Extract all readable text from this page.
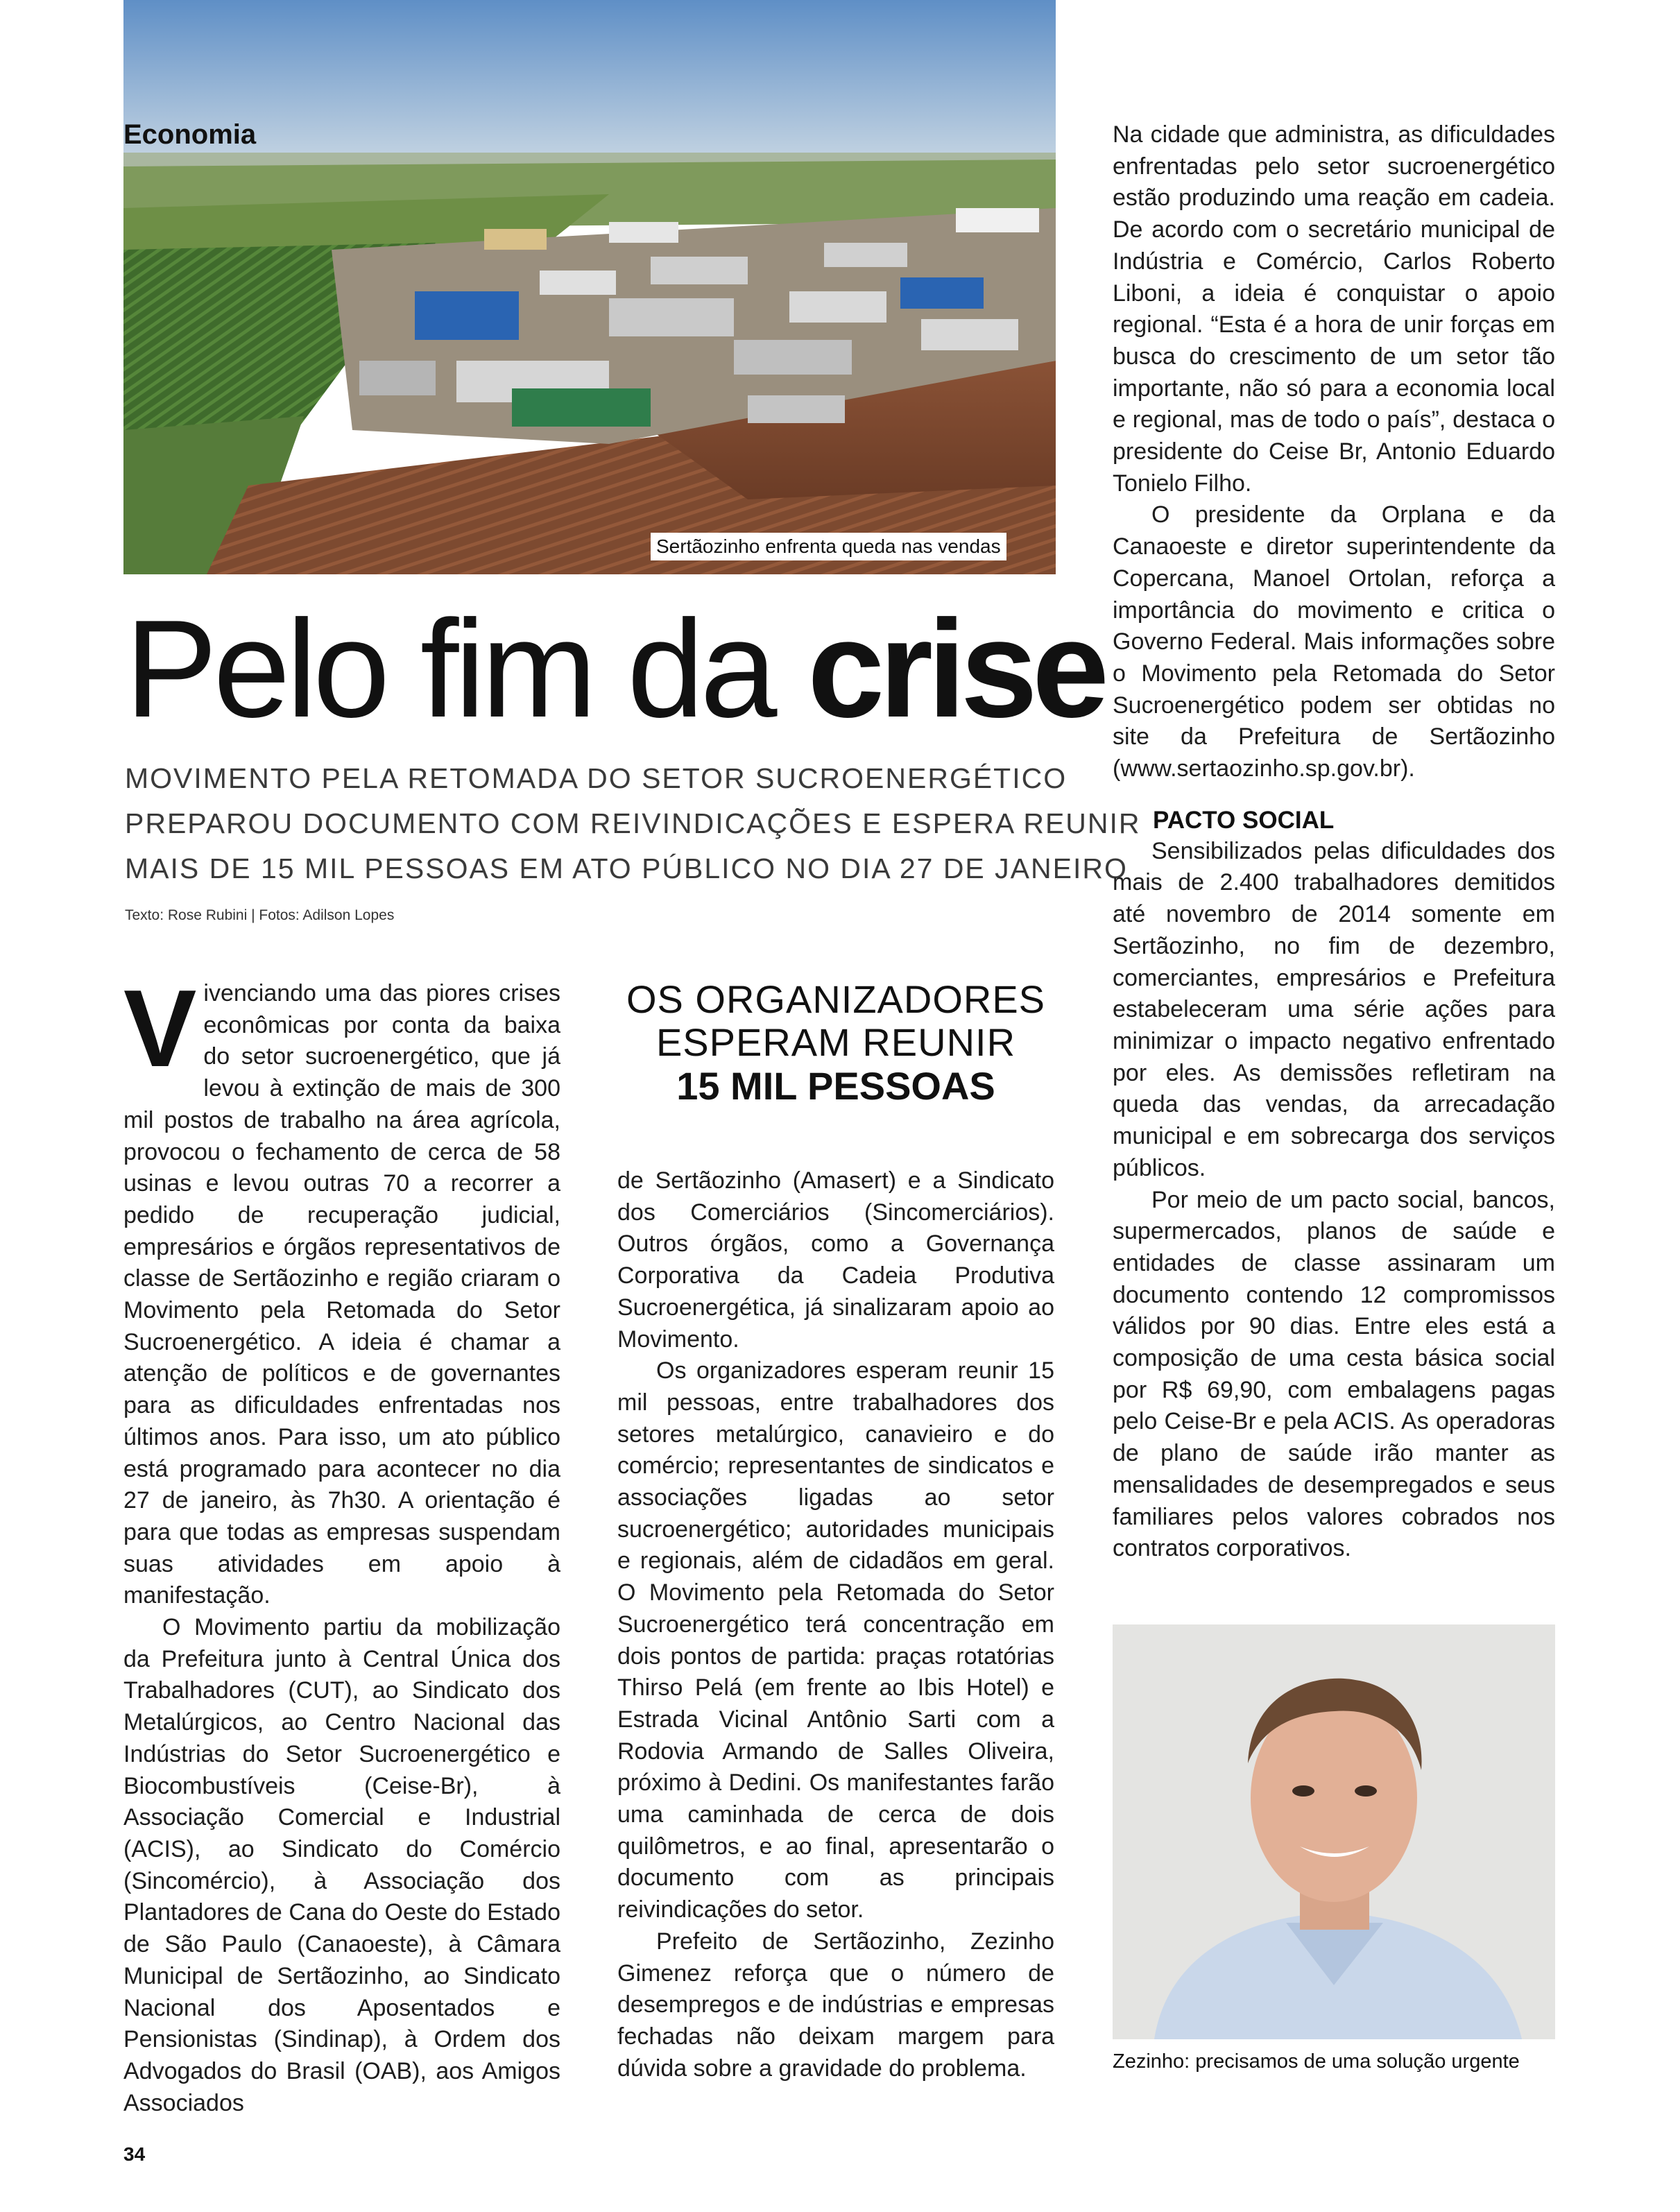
Economia
Sertãozinho enfrenta queda nas vendas
Pelo fim da crise
MOVIMENTO PELA RETOMADA DO SETOR SUCROENERGÉTICO
PREPAROU DOCUMENTO COM REIVINDICAÇÕES E ESPERA REUNIR
MAIS DE 15 MIL PESSOAS EM ATO PÚBLICO NO DIA 27 DE JANEIRO
Texto: Rose Rubini | Fotos: Adilson Lopes

Vivenciando uma das piores crises econômicas por conta da baixa do setor sucroenergético, que já levou à extinção de mais de 300 mil postos de trabalho na área agrícola, provocou o fechamento de cerca de 58 usinas e levou outras 70 a recorrer a pedido de recuperação judicial, empresários e órgãos representativos de classe de Sertãozinho e região criaram o Movimento pela Retomada do Setor Sucroenergético. A ideia é chamar a atenção de políticos e de governantes para as dificuldades enfrentadas nos últimos anos. Para isso, um ato público está programado para acontecer no dia 27 de janeiro, às 7h30. A orientação é para que todas as empresas suspendam suas atividades em apoio à manifestação.

O Movimento partiu da mobilização da Prefeitura junto à Central Única dos Trabalhadores (CUT), ao Sindicato dos Metalúrgicos, ao Centro Nacional das Indústrias do Setor Sucroenergético e Biocombustíveis (Ceise-Br), à Associação Comercial e Industrial (ACIS), ao Sindicato do Comércio (Sincomércio), à Associação dos Plantadores de Cana do Oeste do Estado de São Paulo (Canaoeste), à Câmara Municipal de Sertãozinho, ao Sindicato Nacional dos Aposentados e Pensionistas (Sindinap), à Ordem dos Advogados do Brasil (OAB), aos Amigos Associados

OS ORGANIZADORES
ESPERAM REUNIR
15 MIL PESSOAS

de Sertãozinho (Amasert) e a Sindicato dos Comerciários (Sincomerciários). Outros órgãos, como a Governança Corporativa da Cadeia Produtiva Sucroenergética, já sinalizaram apoio ao Movimento.

Os organizadores esperam reunir 15 mil pessoas, entre trabalhadores dos setores metalúrgico, canavieiro e do comércio; representantes de sindicatos e associações ligadas ao setor sucroenergético; autoridades municipais e regionais, além de cidadãos em geral. O Movimento pela Retomada do Setor Sucroenergético terá concentração em dois pontos de partida: praças rotatórias Thirso Pelá (em frente ao Ibis Hotel) e Estrada Vicinal Antônio Sarti com a Rodovia Armando de Salles Oliveira, próximo à Dedini. Os manifestantes farão uma caminhada de cerca de dois quilômetros, e ao final, apresentarão o documento com as principais reivindicações do setor.

Prefeito de Sertãozinho, Zezinho Gimenez reforça que o número de desempregos e de indústrias e empresas fechadas não deixam margem para dúvida sobre a gravidade do problema.

Na cidade que administra, as dificuldades enfrentadas pelo setor sucroenergético estão produzindo uma reação em cadeia. De acordo com o secretário municipal de Indústria e Comércio, Carlos Roberto Liboni, a ideia é conquistar o apoio regional. “Esta é a hora de unir forças em busca do crescimento de um setor tão importante, não só para a economia local e regional, mas de todo o país”, destaca o presidente do Ceise Br, Antonio Eduardo Tonielo Filho.

O presidente da Orplana e da Canaoeste e diretor superintendente da Copercana, Manoel Ortolan, reforça a importância do movimento e critica o Governo Federal. Mais informações sobre o Movimento pela Retomada do Setor Sucroenergético podem ser obtidas no site da Prefeitura de Sertãozinho (www.sertaozinho.sp.gov.br).

PACTO SOCIAL

Sensibilizados pelas dificuldades dos mais de 2.400 trabalhadores demitidos até novembro de 2014 somente em Sertãozinho, no fim de dezembro, comerciantes, empresários e Prefeitura estabeleceram uma série ações para minimizar o impacto negativo enfrentado por eles. As demissões refletiram na queda das vendas, da arrecadação municipal e em sobrecarga dos serviços públicos.

Por meio de um pacto social, bancos, supermercados, planos de saúde e entidades de classe assinaram um documento contendo 12 compromissos válidos por 90 dias. Entre eles está a composição de uma cesta básica social por R$ 69,90, com embalagens pagas pelo Ceise-Br e pela ACIS. As operadoras de plano de saúde irão manter as mensalidades de desempregados e seus familiares pelos valores cobrados nos contratos corporativos.

Zezinho: precisamos de uma solução urgente
34
